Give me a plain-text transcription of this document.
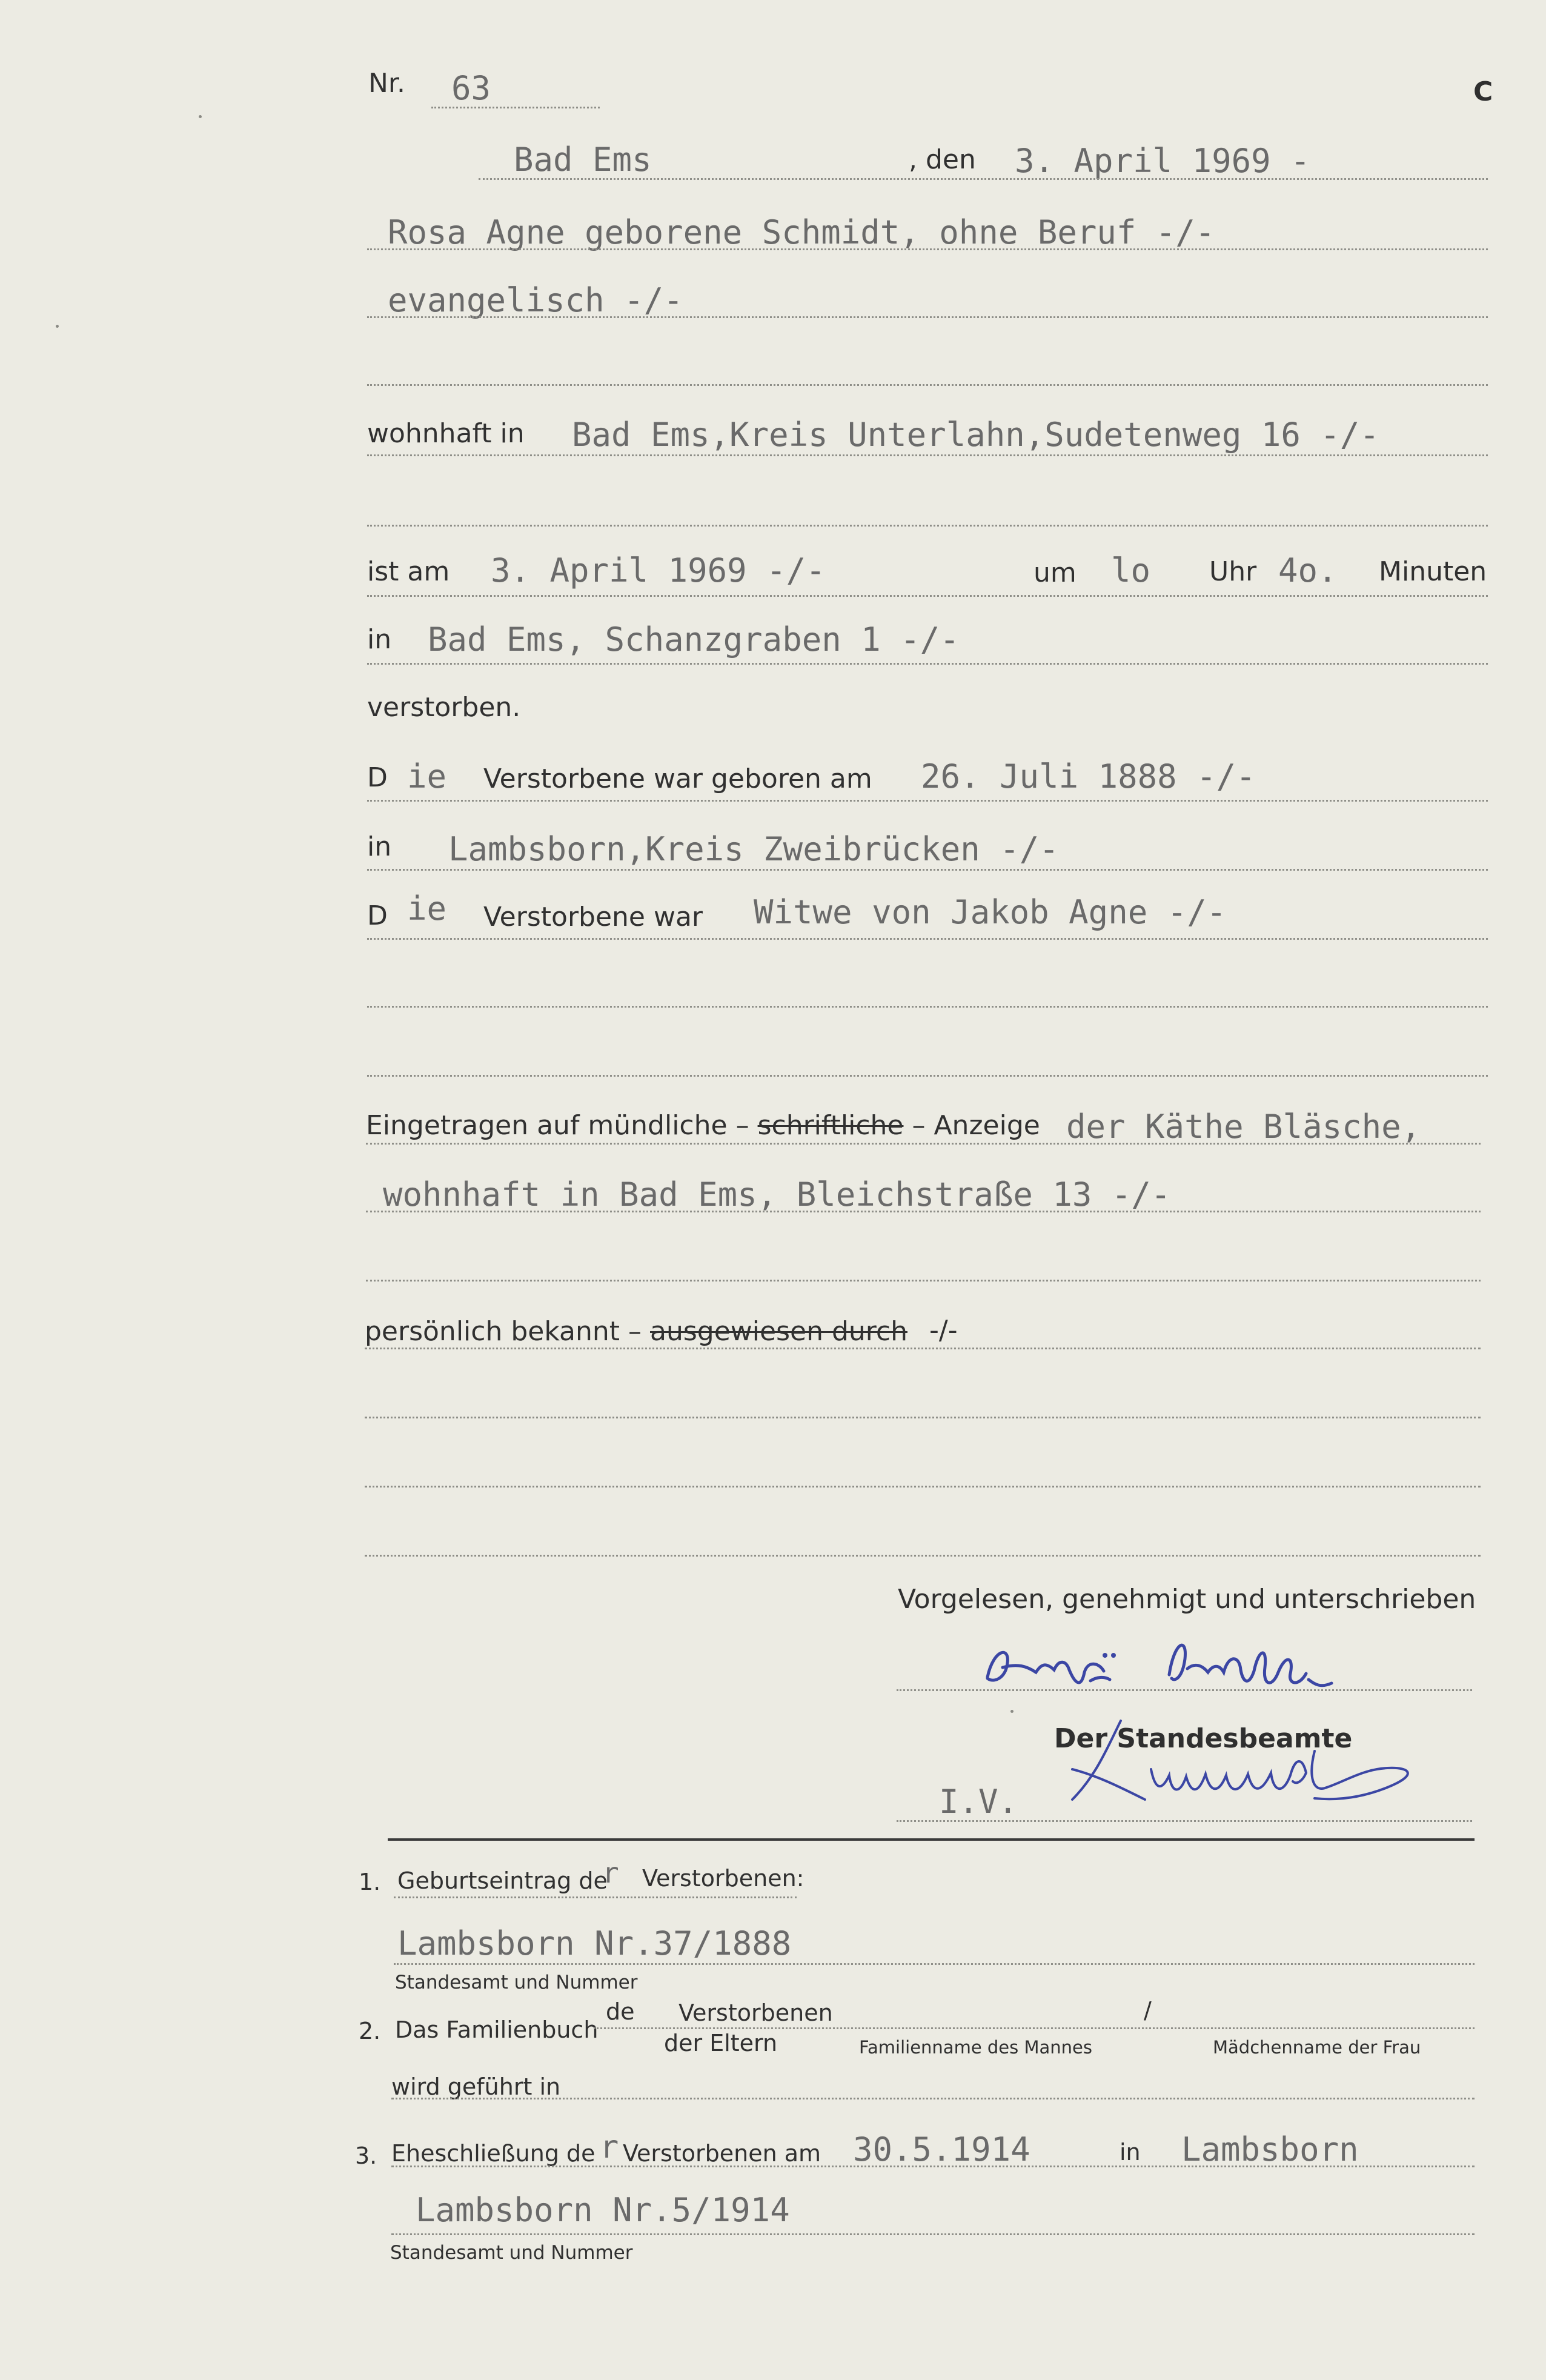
Nr. 63	C
Bad Ems	, den 3. April 1969 -
Rosa Agne geborene Schmidt, ohne Beruf -/-
evangelisch -/-
wohnhaft in Bad Ems,Kreis Unterlahn,Sudetenweg 16 -/-
ist am 3. April 1969 -/-	um lo Uhr 4o. Minuten
in Bad Ems, Schanzgraben 1 -/-
verstorben.
D ie Verstorbene war geboren am 26. Juli 1888 -/-
in Lambsborn,Kreis Zweibrücken -/-
D ie Verstorbene war Witwe von Jakob Agne -/-
Eingetragen auf mündliche – schriftliche – Anzeige der Käthe Bläsche,
wohnhaft in Bad Ems, Bleichstraße 13 -/-
persönlich bekannt – ausgewiesen durch -/-
Vorgelesen, genehmigt und unterschrieben
Der Standesbeamte
I.V.
1. Geburtseintrag de
r Verstorbenen:
Lambsborn Nr.37/1888
Standesamt und Nummer
2. Das Familienbuch
de Verstorbenen	/
der Eltern	Familienname des Mannes	Mädchenname der Frau
wird geführt in
3. Eheschließung de r Verstorbenen am 30.5.1914	in Lambsborn
Lambsborn Nr.5/1914
Standesamt und Nummer
